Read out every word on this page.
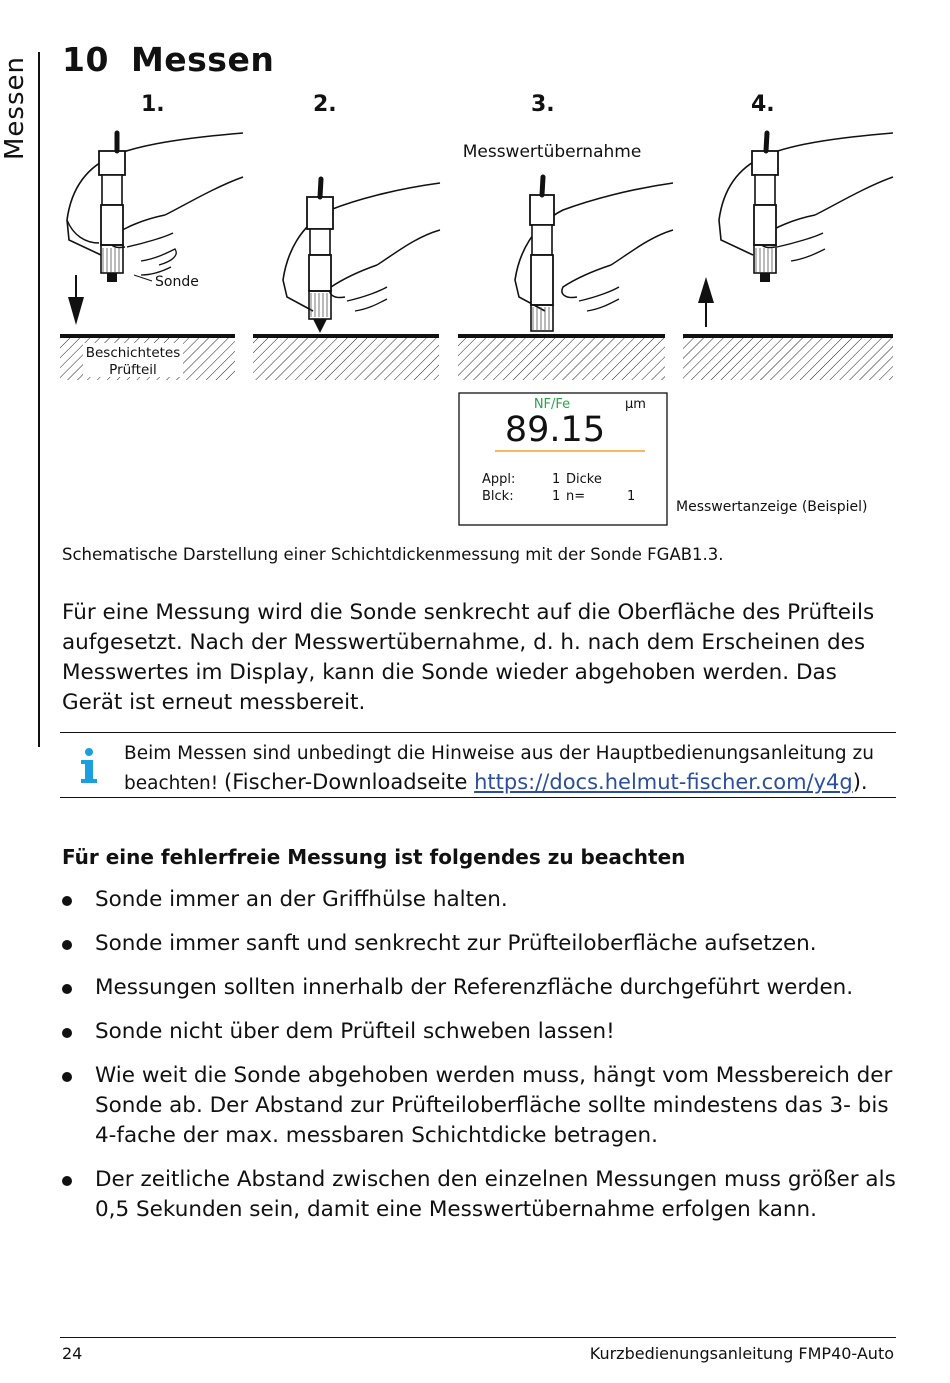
Messen 10 Messen
1.	2.	3.	4.
Sonde
Beschichtetes
Prüfteil
Messwertübernahme
NF/Fe	µm
89.15
Appl:	1 Dicke
Blck:	1 n=	1
Messwertanzeige (Beispiel)
Schematische Darstellung einer Schichtdickenmessung mit der Sonde FGAB1.3.

Für eine Messung wird die Sonde senkrecht auf die Oberfläche des Prüfteils aufgesetzt. Nach der Messwertübernahme, d. h. nach dem Erscheinen des Messwertes im Display, kann die Sonde wieder abgehoben werden. Das Gerät ist erneut messbereit.

Beim Messen sind unbedingt die Hinweise aus der Hauptbedienungsanleitung zu beachten! (Fischer-Downloadseite https://docs.helmut-fischer.com/y4g).
Für eine fehlerfreie Messung ist folgendes zu beachten
Sonde immer an der Griffhülse halten.
Sonde immer sanft und senkrecht zur Prüfteiloberfläche aufsetzen.
Messungen sollten innerhalb der Referenzfläche durchgeführt werden.
Sonde nicht über dem Prüfteil schweben lassen!
Wie weit die Sonde abgehoben werden muss, hängt vom Messbereich der Sonde ab. Der Abstand zur Prüfteiloberfläche sollte mindestens das 3- bis 4-fache der max. messbaren Schichtdicke betragen.
Der zeitliche Abstand zwischen den einzelnen Messungen muss größer als 0,5 Sekunden sein, damit eine Messwertübernahme erfolgen kann.
24	Kurzbedienungsanleitung FMP40-Auto
